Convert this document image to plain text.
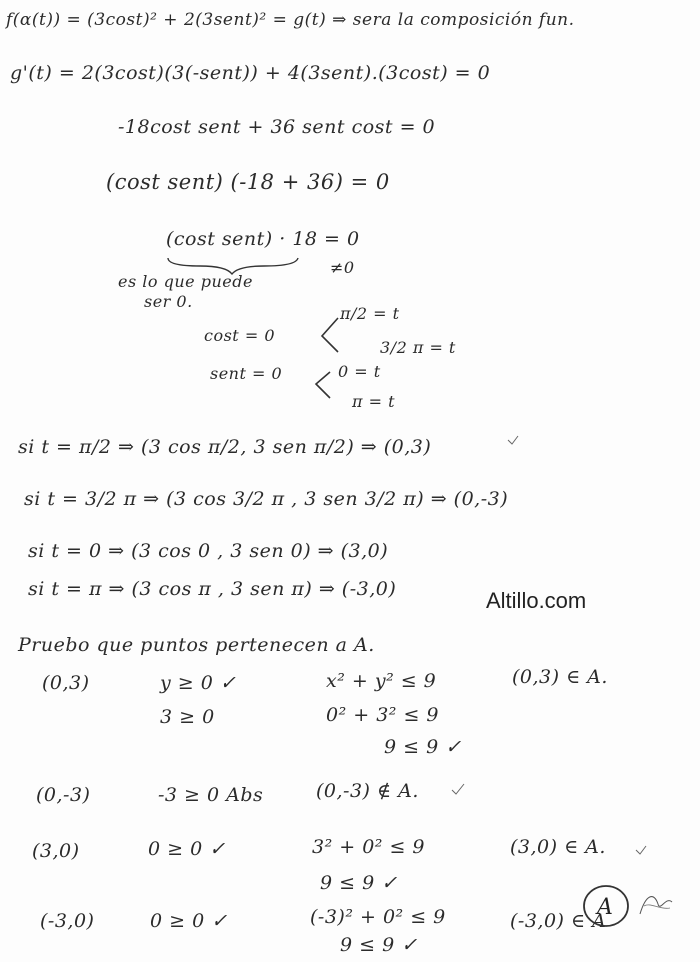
f(α(t)) = (3cost)² + 2(3sent)² = g(t) ⇒ sera la composición fun.
g'(t) = 2(3cost)(3(-sent)) + 4(3sent).(3cost) = 0
-18cost sent + 36 sent cost = 0
(cost sent) (-18 + 36) = 0
(cost sent) · 18 = 0
≠0
es lo que puede
ser 0.
π/2 = t
cost = 0
3/2 π = t
sent = 0	0 = t
π = t
si t = π/2 ⇒ (3 cos π/2, 3 sen π/2) ⇒ (0,3)
si t = 3/2 π ⇒ (3 cos 3/2 π , 3 sen 3/2 π) ⇒ (0,-3)
si t = 0 ⇒ (3 cos 0 , 3 sen 0) ⇒ (3,0)
si t = π ⇒ (3 cos π , 3 sen π) ⇒ (-3,0)	Altillo.com
Pruebo que puntos pertenecen a A.
(0,3)	y ≥ 0 ✓
3 ≥ 0
x² + y² ≤ 9
0² + 3² ≤ 9
9 ≤ 9 ✓
(0,3) ∈ A.
(0,-3)	-3 ≥ 0 Abs	(0,-3) ∉ A.
(3,0)	0 ≥ 0 ✓	3² + 0² ≤ 9
9 ≤ 9 ✓
(3,0) ∈ A.
(-3,0)	0 ≥ 0 ✓	(-3)² + 0² ≤ 9
9 ≤ 9 ✓
(-3,0) ∈ A
A
